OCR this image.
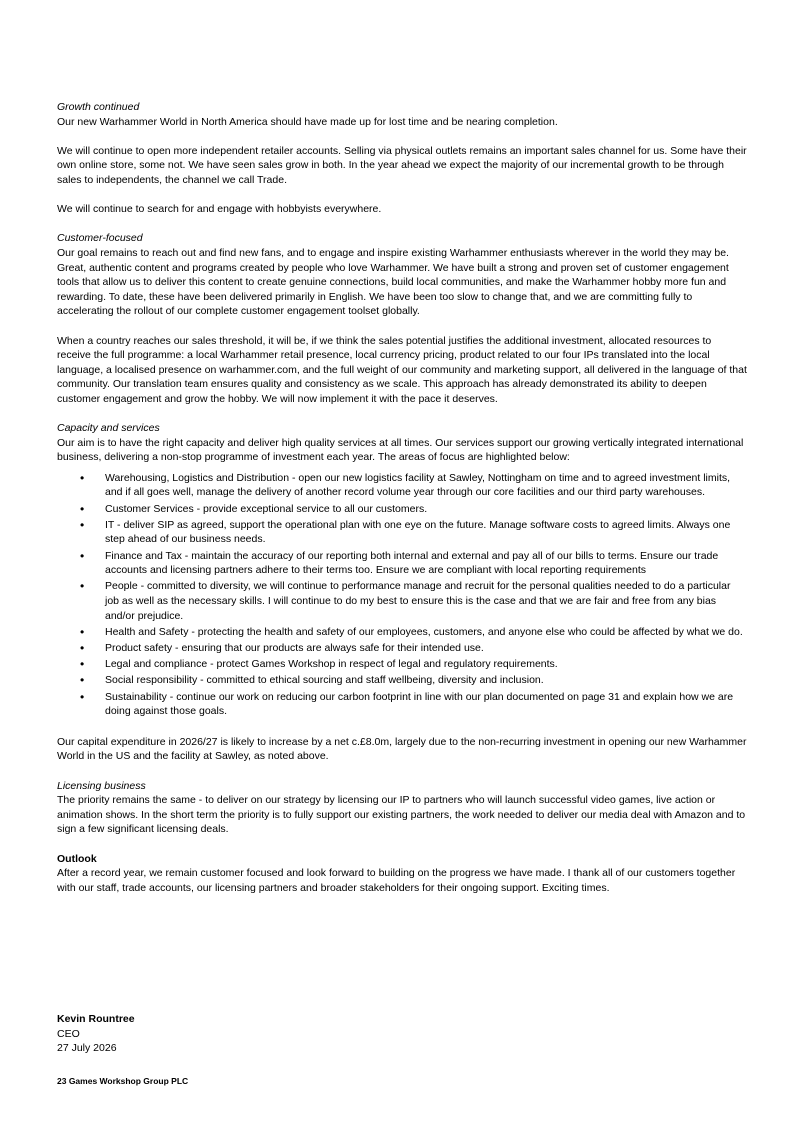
Growth continued

Our new Warhammer World in North America should have made up for lost time and be nearing completion.

We will continue to open more independent retailer accounts. Selling via physical outlets remains an important sales channel for us. Some have their own online store, some not. We have seen sales grow in both. In the year ahead we expect the majority of our incremental growth to be through sales to independents, the channel we call Trade.

We will continue to search for and engage with hobbyists everywhere.

Customer-focused

Our goal remains to reach out and find new fans, and to engage and inspire existing Warhammer enthusiasts wherever in the world they may be. Great, authentic content and programs created by people who love Warhammer. We have built a strong and proven set of customer engagement tools that allow us to deliver this content to create genuine connections, build local communities, and make the Warhammer hobby more fun and rewarding. To date, these have been delivered primarily in English. We have been too slow to change that, and we are committing fully to accelerating the rollout of our complete customer engagement toolset globally.

When a country reaches our sales threshold, it will be, if we think the sales potential justifies the additional investment, allocated resources to receive the full programme: a local Warhammer retail presence, local currency pricing, product related to our four IPs translated into the local language, a localised presence on warhammer.com, and the full weight of our community and marketing support, all delivered in the language of that community. Our translation team ensures quality and consistency as we scale. This approach has already demonstrated its ability to deepen customer engagement and grow the hobby. We will now implement it with the pace it deserves.

Capacity and services

Our aim is to have the right capacity and deliver high quality services at all times. Our services support our growing vertically integrated international business, delivering a non-stop programme of investment each year. The areas of focus are highlighted below:

• Warehousing, Logistics and Distribution - open our new logistics facility at Sawley, Nottingham on time and to agreed investment limits, and if all goes well, manage the delivery of another record volume year through our core facilities and our third party warehouses.
• Customer Services - provide exceptional service to all our customers.
• IT - deliver SIP as agreed, support the operational plan with one eye on the future. Manage software costs to agreed limits. Always one step ahead of our business needs.
• Finance and Tax - maintain the accuracy of our reporting both internal and external and pay all of our bills to terms. Ensure our trade accounts and licensing partners adhere to their terms too. Ensure we are compliant with local reporting requirements
• People - committed to diversity, we will continue to performance manage and recruit for the personal qualities needed to do a particular job as well as the necessary skills. I will continue to do my best to ensure this is the case and that we are fair and free from any bias and/or prejudice.
• Health and Safety - protecting the health and safety of our employees, customers, and anyone else who could be affected by what we do.
• Product safety - ensuring that our products are always safe for their intended use.
• Legal and compliance - protect Games Workshop in respect of legal and regulatory requirements.
• Social responsibility - committed to ethical sourcing and staff wellbeing, diversity and inclusion.
• Sustainability - continue our work on reducing our carbon footprint in line with our plan documented on page 31 and explain how we are doing against those goals.

Our capital expenditure in 2026/27 is likely to increase by a net c.£8.0m, largely due to the non-recurring investment in opening our new Warhammer World in the US and the facility at Sawley, as noted above.

Licensing business

The priority remains the same - to deliver on our strategy by licensing our IP to partners who will launch successful video games, live action or animation shows. In the short term the priority is to fully support our existing partners, the work needed to deliver our media deal with Amazon and to sign a few significant licensing deals.

Outlook

After a record year, we remain customer focused and look forward to building on the progress we have made. I thank all of our customers together with our staff, trade accounts, our licensing partners and broader stakeholders for their ongoing support. Exciting times.

Kevin Rountree

CEO

27 July 2026

23 Games Workshop Group PLC
